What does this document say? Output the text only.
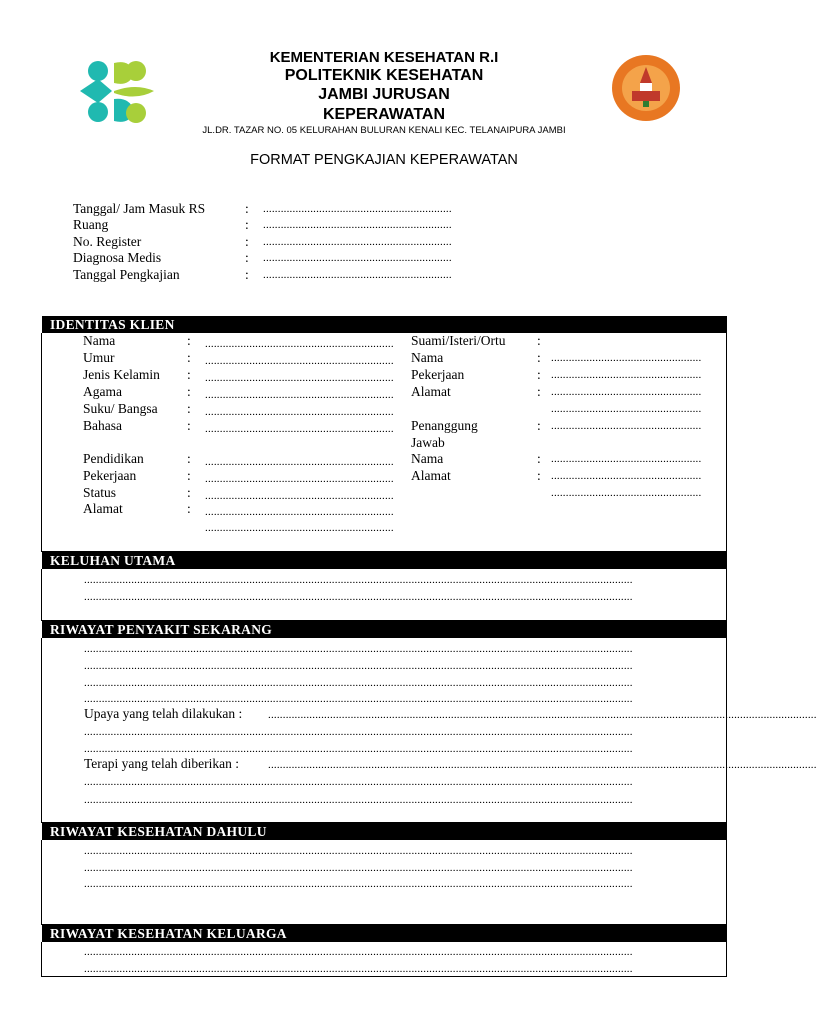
KEMENTERIAN KESEHATAN R.I
POLITEKNIK KESEHATAN
JAMBI JURUSAN
KEPERAWATAN
JL.DR. TAZAR NO. 05 KELURAHAN BULURAN KENALI KEC. TELANAIPURA JAMBI
FORMAT PENGKAJIAN KEPERAWATAN
Tanggal/ Jam Masuk RS	: ................................................................
Ruang	: ................................................................
No. Register	: ................................................................
Diagnosa Medis	: ................................................................
Tanggal Pengkajian	: ................................................................
IDENTITAS KLIEN
Nama	: ................................................................
Umur	: ................................................................
Jenis Kelamin : ................................................................
Agama	: ................................................................
Suku/ Bangsa : ................................................................
Bahasa	: ................................................................
Pendidikan	: ................................................................
Pekerjaan	: ................................................................
Status	: ................................................................
Alamat	: ................................................................
................................................................
Suami/Isteri/Ortu :
Nama	: ...................................................
Pekerjaan	: ...................................................
Alamat	: ...................................................
...................................................
Penanggung	: ...................................................
Jawab
Nama	: ...................................................
Alamat	: ...................................................
...................................................
KELUHAN UTAMA
..........................................................................................................................................................................................
..........................................................................................................................................................................................
RIWAYAT PENYAKIT SEKARANG
..........................................................................................................................................................................................
..........................................................................................................................................................................................
..........................................................................................................................................................................................
..........................................................................................................................................................................................
Upaya yang telah dilakukan : ..........................................................................................................................................................................................
..........................................................................................................................................................................................
..........................................................................................................................................................................................
Terapi yang telah diberikan :	..........................................................................................................................................................................................
..........................................................................................................................................................................................
..........................................................................................................................................................................................
RIWAYAT KESEHATAN DAHULU
..........................................................................................................................................................................................
..........................................................................................................................................................................................
..........................................................................................................................................................................................
RIWAYAT KESEHATAN KELUARGA
..........................................................................................................................................................................................
..........................................................................................................................................................................................
